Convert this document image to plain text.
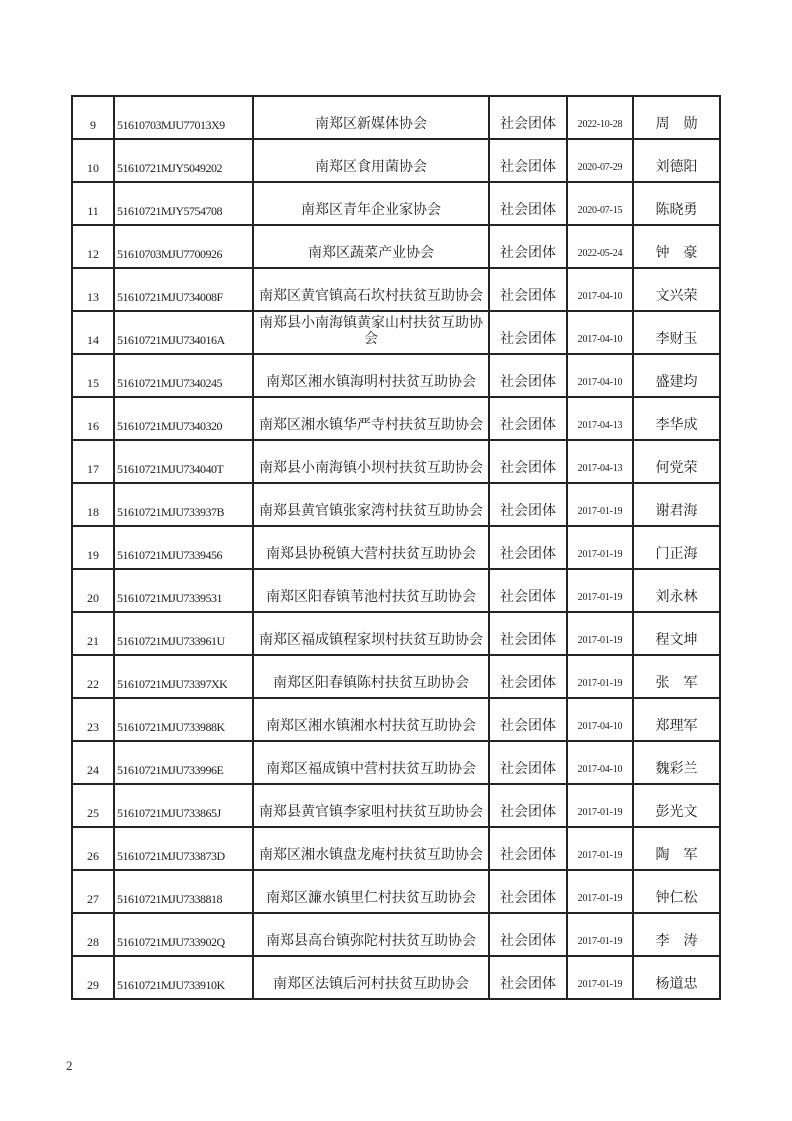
9	51610703MJU77013X9	南郑区新媒体协会	社会团体	2022-10-28	周　勋
10	51610721MJY5049202	南郑区食用菌协会	社会团体	2020-07-29	刘德阳
11	51610721MJY5754708	南郑区青年企业家协会	社会团体	2020-07-15	陈晓勇
12	51610703MJU7700926	南郑区蔬菜产业协会	社会团体	2022-05-24	钟　豪
13	51610721MJU734008F	南郑区黄官镇高石坎村扶贫互助协会	社会团体	2017-04-10	文兴荣
14	51610721MJU734016A	南郑县小南海镇黄家山村扶贫互助协会	社会团体	2017-04-10	李财玉
15	51610721MJU7340245	南郑区湘水镇海明村扶贫互助协会	社会团体	2017-04-10	盛建均
16	51610721MJU7340320	南郑区湘水镇华严寺村扶贫互助协会	社会团体	2017-04-13	李华成
17	51610721MJU734040T	南郑县小南海镇小坝村扶贫互助协会	社会团体	2017-04-13	何党荣
18	51610721MJU733937B	南郑县黄官镇张家湾村扶贫互助协会	社会团体	2017-01-19	谢君海
19	51610721MJU7339456	南郑县协税镇大营村扶贫互助协会	社会团体	2017-01-19	门正海
20	51610721MJU7339531	南郑区阳春镇苇池村扶贫互助协会	社会团体	2017-01-19	刘永林
21	51610721MJU733961U	南郑区福成镇程家坝村扶贫互助协会	社会团体	2017-01-19	程文坤
22	51610721MJU73397XK	南郑区阳春镇陈村扶贫互助协会	社会团体	2017-01-19	张　军
23	51610721MJU733988K	南郑区湘水镇湘水村扶贫互助协会	社会团体	2017-04-10	郑理军
24	51610721MJU733996E	南郑区福成镇中营村扶贫互助协会	社会团体	2017-04-10	魏彩兰
25	51610721MJU733865J	南郑县黄官镇李家咀村扶贫互助协会	社会团体	2017-01-19	彭光文
26	51610721MJU733873D	南郑区湘水镇盘龙庵村扶贫互助协会	社会团体	2017-01-19	陶　军
27	51610721MJU7338818	南郑区濂水镇里仁村扶贫互助协会	社会团体	2017-01-19	钟仁松
28	51610721MJU733902Q	南郑县高台镇弥陀村扶贫互助协会	社会团体	2017-01-19	李　涛
29	51610721MJU733910K	南郑区法镇后河村扶贫互助协会	社会团体	2017-01-19	杨道忠
2
